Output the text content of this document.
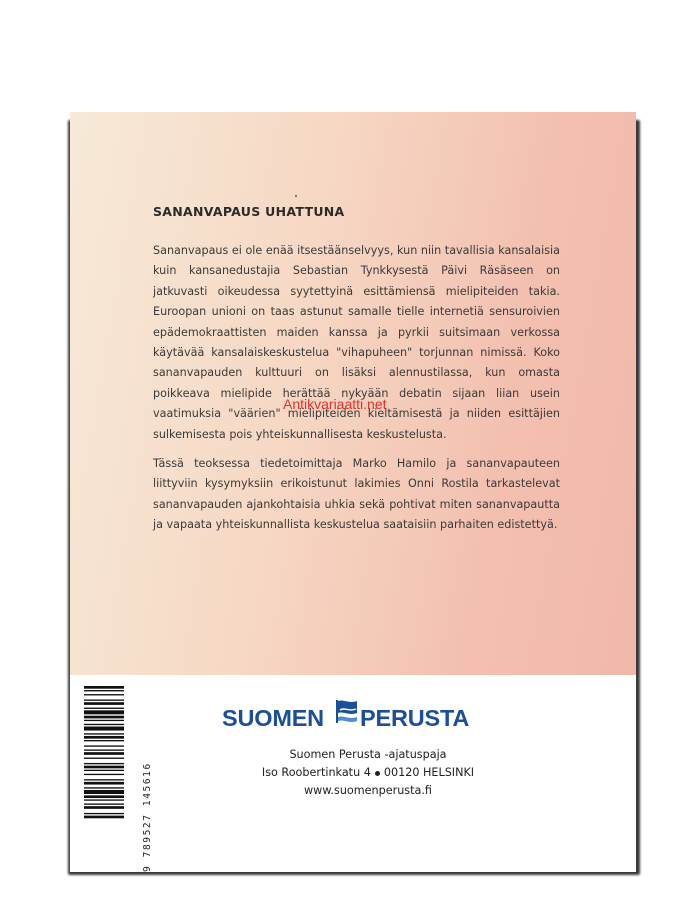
SANANVAPAUS UHATTUNA

Sananvapaus ei ole enää itsestäänselvyys, kun niin tavallisia kansalaisia kuin kansanedustajia Sebastian Tynkkysestä Päivi Räsäseen on jatkuvasti oikeudessa syytettyinä esittämiensä mielipiteiden takia. Euroopan unioni on taas astunut samalle tielle internetiä sensuroivien epädemokraattisten maiden kanssa ja pyrkii suitsimaan verkossa käytävää kansalaiskeskustelua "vihapuheen" torjunnan nimissä. Koko sananvapauden kulttuuri on lisäksi alennustilassa, kun omasta poikkeava mielipide herättää nykyään debatin sijaan liian usein vaatimuksia "väärien" mielipiteiden kieltämisestä ja niiden esittäjien sulkemisesta pois yhteiskunnallisesta keskustelusta.

Tässä teoksessa tiedetoimittaja Marko Hamilo ja sananvapauteen liittyviin kysymyksiin erikoistunut lakimies Onni Rostila tarkastelevat sananvapauden ajankohtaisia uhkia sekä pohtivat miten sananvapautta ja vapaata yhteiskunnallista keskustelua saataisiin parhaiten edistettyä.

Antikvariaatti.net
9 789527 145616
SUOMEN PERUSTA

Suomen Perusta -ajatuspaja

Iso Roobertinkatu 4 00120 HELSINKI

www.suomenperusta.fi
